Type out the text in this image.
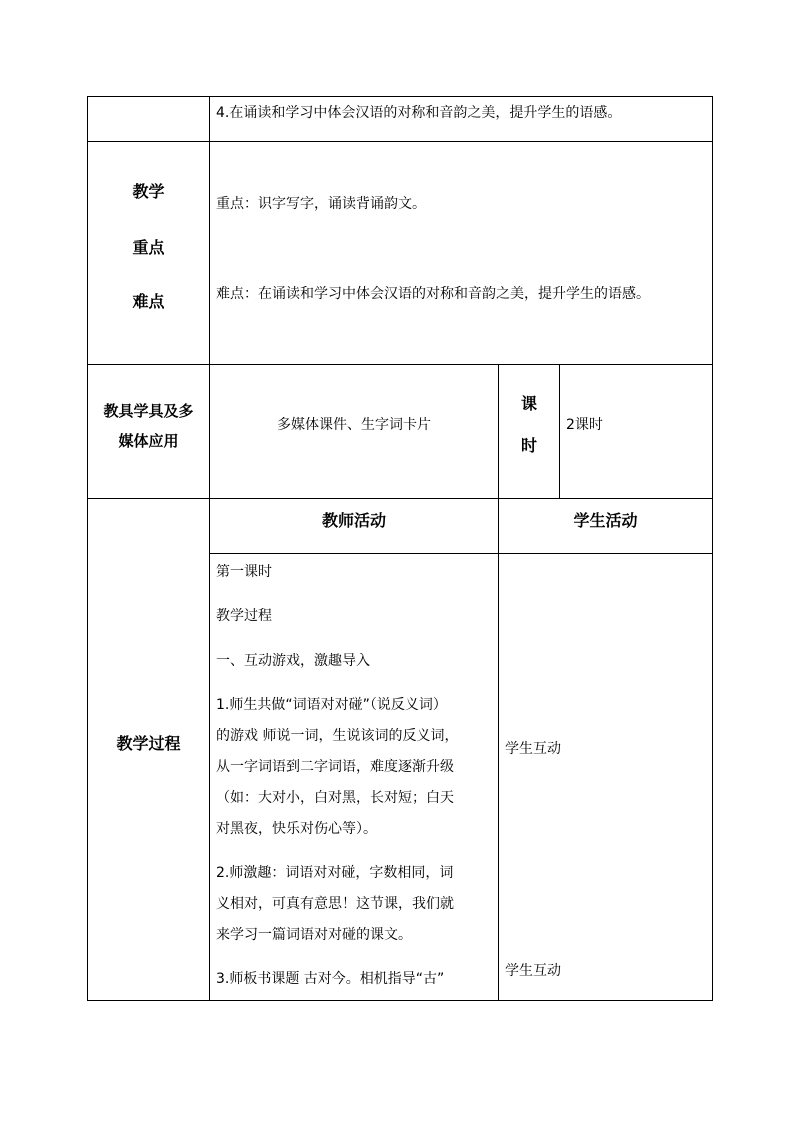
4.在诵读和学习中体会汉语的对称和音韵之美，提升学生的语感。
教学
重点
难点
重点：识字写字，诵读背诵韵文。
难点：在诵读和学习中体会汉语的对称和音韵之美，提升学生的语感。
教具学具及多
媒体应用
多媒体课件、生字词卡片
课
时
2课时
教学过程
教师活动	学生活动
第一课时
教学过程
一、互动游戏，激趣导入
1.师生共做“词语对对碰”（说反义词）
的游戏 师说一词，生说该词的反义词，
从一字词语到二字词语，难度逐渐升级
（如：大对小，白对黑，长对短；白天
对黑夜，快乐对伤心等）。
2.师激趣：词语对对碰，字数相同，词
义相对，可真有意思！这节课，我们就
来学习一篇词语对对碰的课文。
3.师板书课题 古对今。相机指导“古”
学生互动
学生互动
